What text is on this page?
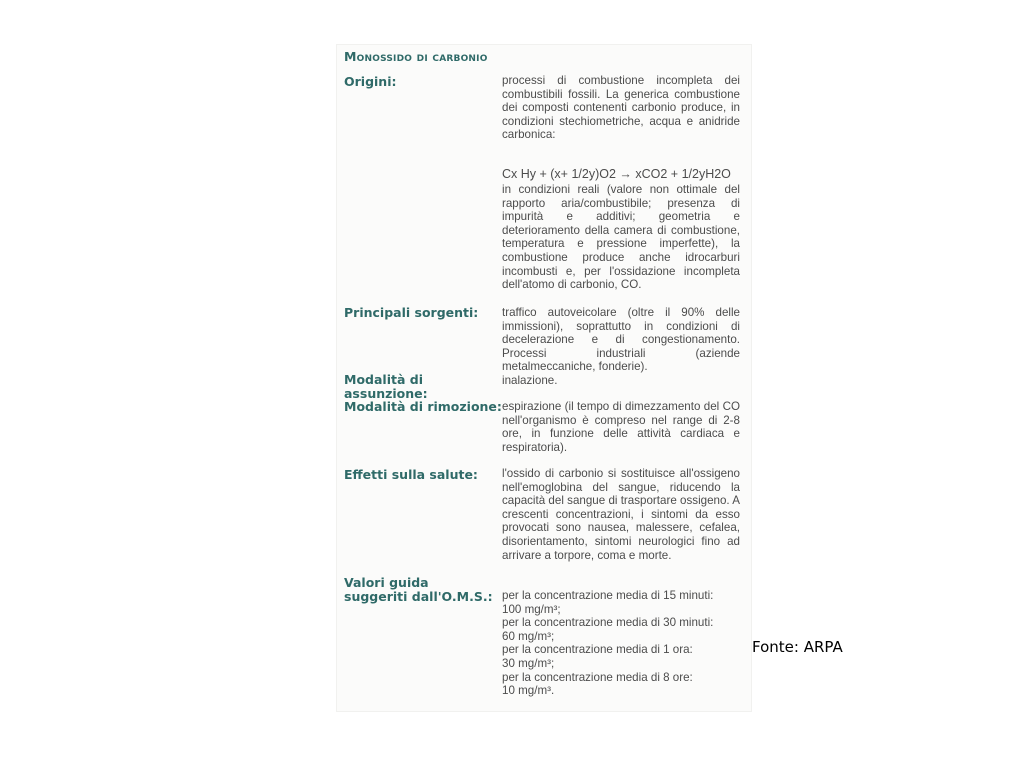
Monossido di carbonio
Origini:	processi di combustione incompleta dei combustibili fossili. La generica combustione dei composti contenenti carbonio produce, in condizioni stechiometriche, acqua e anidride carbonica:

Cx Hy + (x+ 1/2y)O2 → xCO2 + 1/2yH2O

in condizioni reali (valore non ottimale del rapporto aria/combustibile; presenza di impurità e additivi; geometria e deterioramento della camera di combustione, temperatura e pressione imperfette), la combustione produce anche idrocarburi incombusti e, per l'ossidazione incompleta dell'atomo di carbonio, CO.
Principali sorgenti:	traffico autoveicolare (oltre il 90% delle immissioni), soprattutto in condizioni di decelerazione e di congestionamento. Processi industriali (aziende metalmeccaniche, fonderie).
Modalità di assunzione:
inalazione.
Modalità di rimozione: espirazione (il tempo di dimezzamento del CO nell'organismo è compreso nel range di 2-8 ore, in funzione delle attività cardiaca e respiratoria).
Effetti sulla salute:	l'ossido di carbonio si sostituisce all'ossigeno nell'emoglobina del sangue, riducendo la capacità del sangue di trasportare ossigeno. A crescenti concentrazioni, i sintomi da esso provocati sono nausea, malessere, cefalea, disorientamento, sintomi neurologici fino ad arrivare a torpore, coma e morte.
Valori guida suggeriti dall'O.M.S.: per la concentrazione media di 15 minuti:
100 mg/m³;
per la concentrazione media di 30 minuti:
60 mg/m³;
per la concentrazione media di 1 ora:
30 mg/m³;
per la concentrazione media di 8 ore:
10 mg/m³.
Fonte: ARPA
